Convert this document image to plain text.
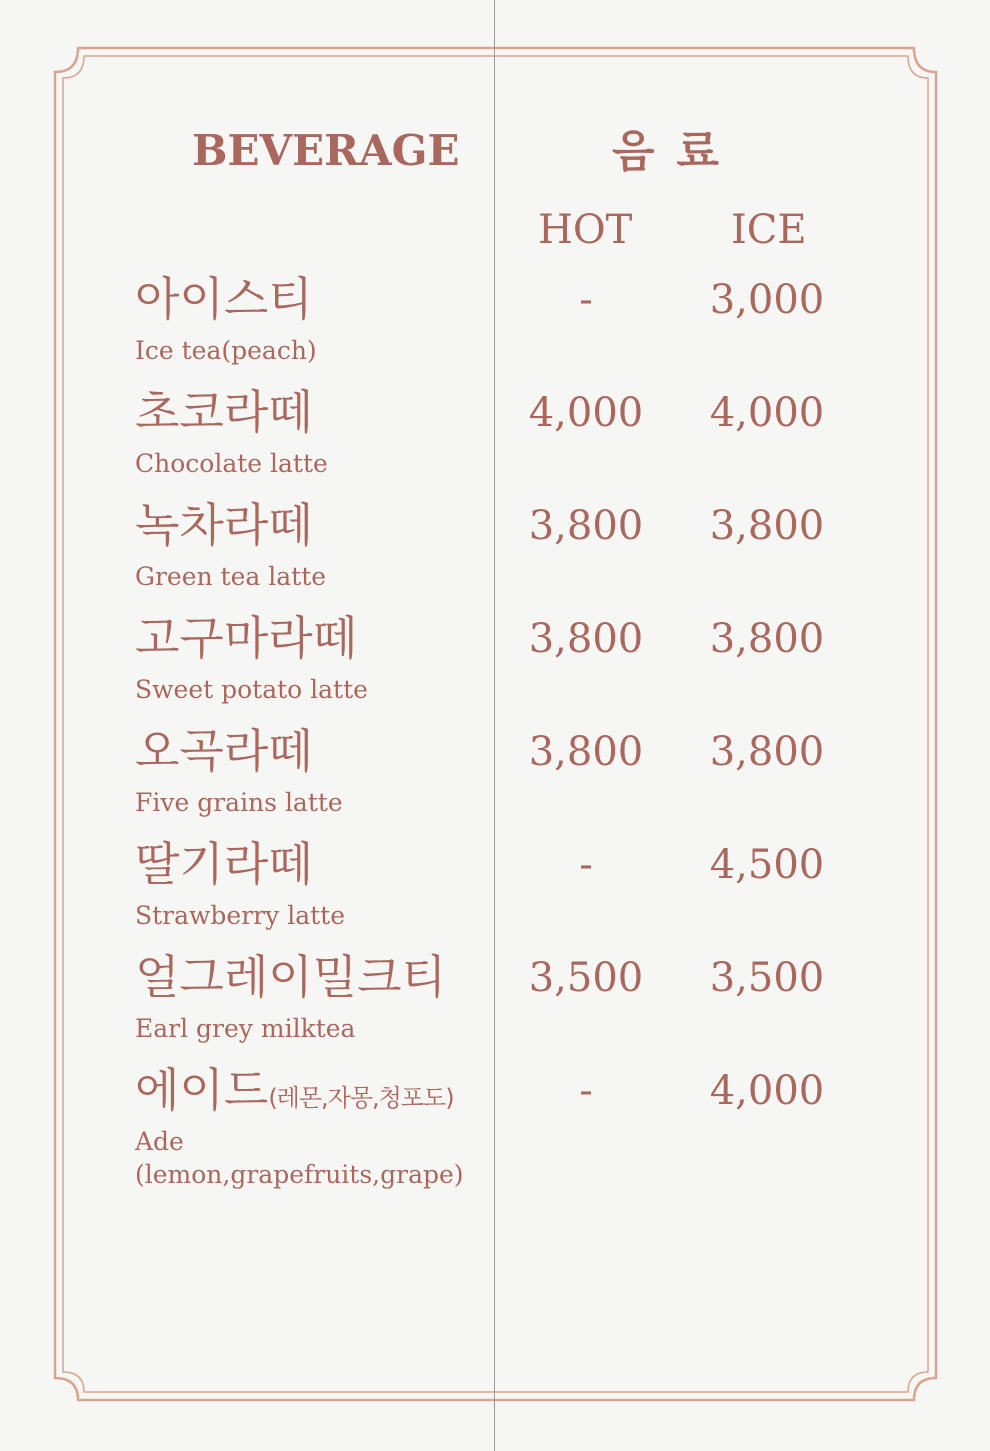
BEVERAGE	음료
HOT ICE
아이스티
Ice tea(peach)
-	3,000
초코라떼
Chocolate latte
4,000	4,000
녹차라떼
Green tea latte
3,800	3,800
고구마라떼
Sweet potato latte
3,800	3,800
오곡라떼
Five grains latte
3,800	3,800
딸기라떼
Strawberry latte
-	4,500
얼그레이밀크티
Earl grey milktea
3,500	3,500
에이드(레몬,자몽,청포도)
Ade
(lemon,grapefruits,grape)
-	4,000
